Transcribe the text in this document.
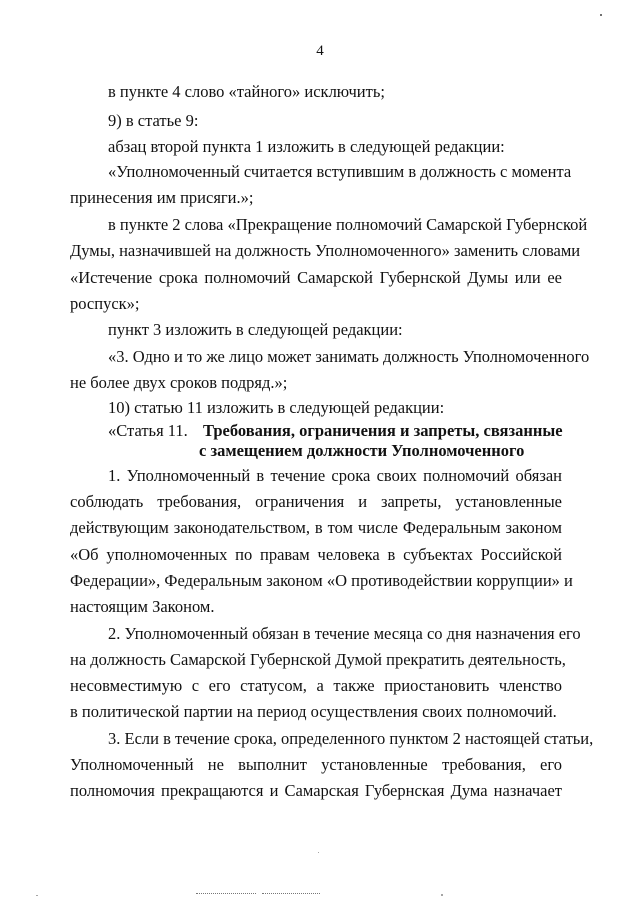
4
в пункте 4 слово «тайного» исключить;
9) в статье 9:
абзац второй пункта 1 изложить в следующей редакции:
«Уполномоченный считается вступившим в должность с момента
принесения им присяги.»;
в пункте 2 слова «Прекращение полномочий Самарской Губернской
Думы, назначившей на должность Уполномоченного» заменить словами
«Истечение срока полномочий Самарской Губернской Думы или ее
роспуск»;
пункт 3 изложить в следующей редакции:
«3. Одно и то же лицо может занимать должность Уполномоченного
не более двух сроков подряд.»;
10) статью 11 изложить в следующей редакции:
«Статья 11. Требования, ограничения и запреты, связанные
с замещением должности Уполномоченного
1. Уполномоченный в течение срока своих полномочий обязан
соблюдать требования, ограничения и запреты, установленные
действующим законодательством, в том числе Федеральным законом
«Об уполномоченных по правам человека в субъектах Российской
Федерации», Федеральным законом «О противодействии коррупции» и
настоящим Законом.
2. Уполномоченный обязан в течение месяца со дня назначения его
на должность Самарской Губернской Думой прекратить деятельность,
несовместимую с его статусом, а также приостановить членство
в политической партии на период осуществления своих полномочий.
3. Если в течение срока, определенного пунктом 2 настоящей статьи,
Уполномоченный не выполнит установленные требования, его
полномочия прекращаются и Самарская Губернская Дума назначает
